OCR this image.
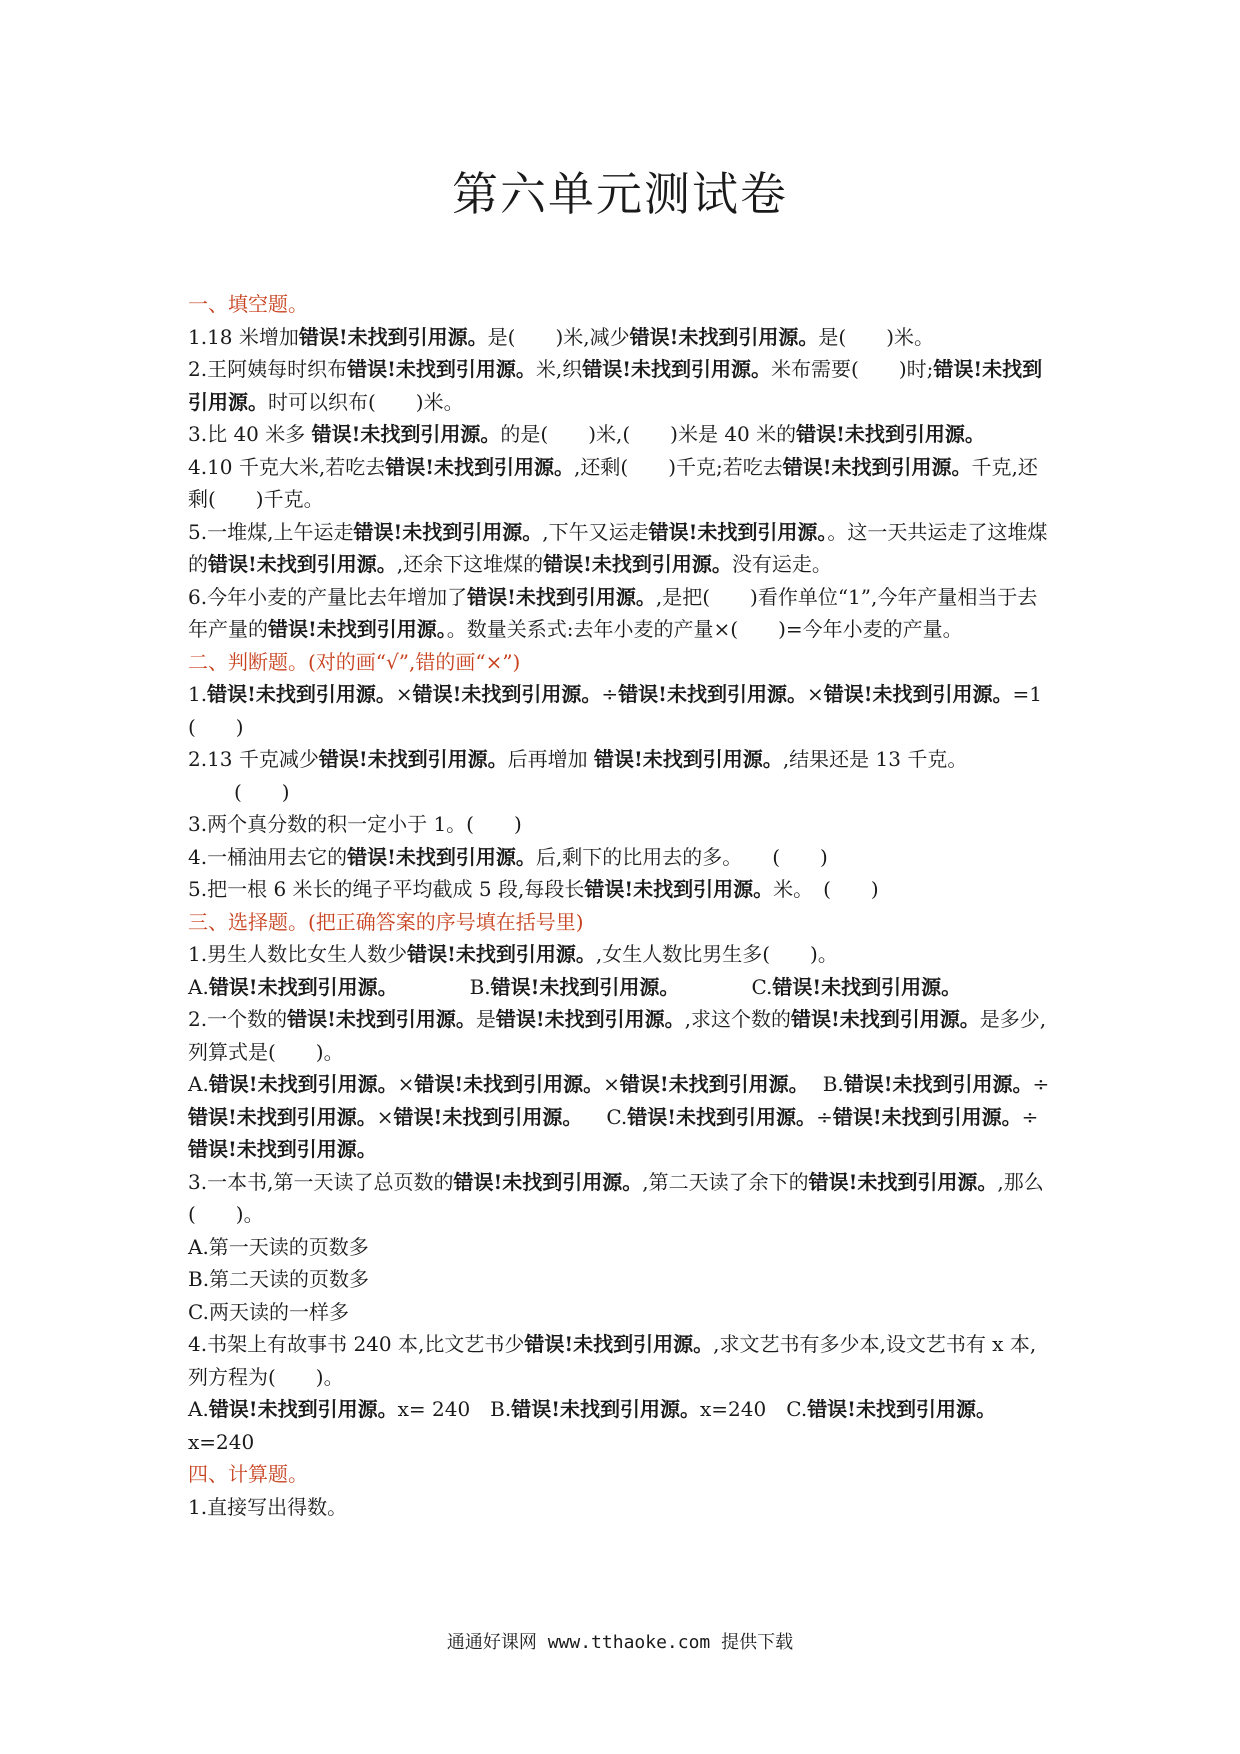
第六单元测试卷

一、填空题。

1.18 米增加错误!未找到引用源。是(　　)米,减少错误!未找到引用源。是(　　)米。

2.王阿姨每时织布错误!未找到引用源。米,织错误!未找到引用源。米布需要(　　)时;错误!未找到引用源。时可以织布(　　)米。

3.比 40 米多 错误!未找到引用源。的是(　　)米,(　　)米是 40 米的错误!未找到引用源。

4.10 千克大米,若吃去错误!未找到引用源。,还剩(　　)千克;若吃去错误!未找到引用源。千克,还剩(　　)千克。

5.一堆煤,上午运走错误!未找到引用源。,下午又运走错误!未找到引用源。。这一天共运走了这堆煤的错误!未找到引用源。,还余下这堆煤的错误!未找到引用源。没有运走。

6.今年小麦的产量比去年增加了错误!未找到引用源。,是把(　　)看作单位“1”,今年产量相当于去年产量的错误!未找到引用源。。数量关系式:去年小麦的产量×(　　)=今年小麦的产量。

二、判断题。(对的画“√”,错的画“×”)

1.错误!未找到引用源。×错误!未找到引用源。÷错误!未找到引用源。×错误!未找到引用源。=1　　(　　)

2.13 千克减少错误!未找到引用源。后再增加 错误!未找到引用源。,结果还是 13 千克。

(　　)

3.两个真分数的积一定小于 1。(　　)

4.一桶油用去它的错误!未找到引用源。后,剩下的比用去的多。　　(　　)

5.把一根 6 米长的绳子平均截成 5 段,每段长错误!未找到引用源。米。　(　　)

三、选择题。(把正确答案的序号填在括号里)

1.男生人数比女生人数少错误!未找到引用源。,女生人数比男生多(　　)。

A.错误!未找到引用源。	B.错误!未找到引用源。	C.错误!未找到引用源。

2.一个数的错误!未找到引用源。是错误!未找到引用源。,求这个数的错误!未找到引用源。是多少,列算式是(　　)。

A.错误!未找到引用源。×错误!未找到引用源。×错误!未找到引用源。 B.错误!未找到引用源。÷错误!未找到引用源。×错误!未找到引用源。 C.错误!未找到引用源。÷错误!未找到引用源。÷错误!未找到引用源。

3.一本书,第一天读了总页数的错误!未找到引用源。,第二天读了余下的错误!未找到引用源。,那么(　　)。

A.第一天读的页数多

B.第二天读的页数多

C.两天读的一样多

4.书架上有故事书 240 本,比文艺书少错误!未找到引用源。,求文艺书有多少本,设文艺书有 x 本,列方程为(　　)。

A.错误!未找到引用源。x= 240　B.错误!未找到引用源。x=240　C.错误!未找到引用源。x=240

四、计算题。

1.直接写出得数。

通通好课网 www.tthaoke.com 提供下载
